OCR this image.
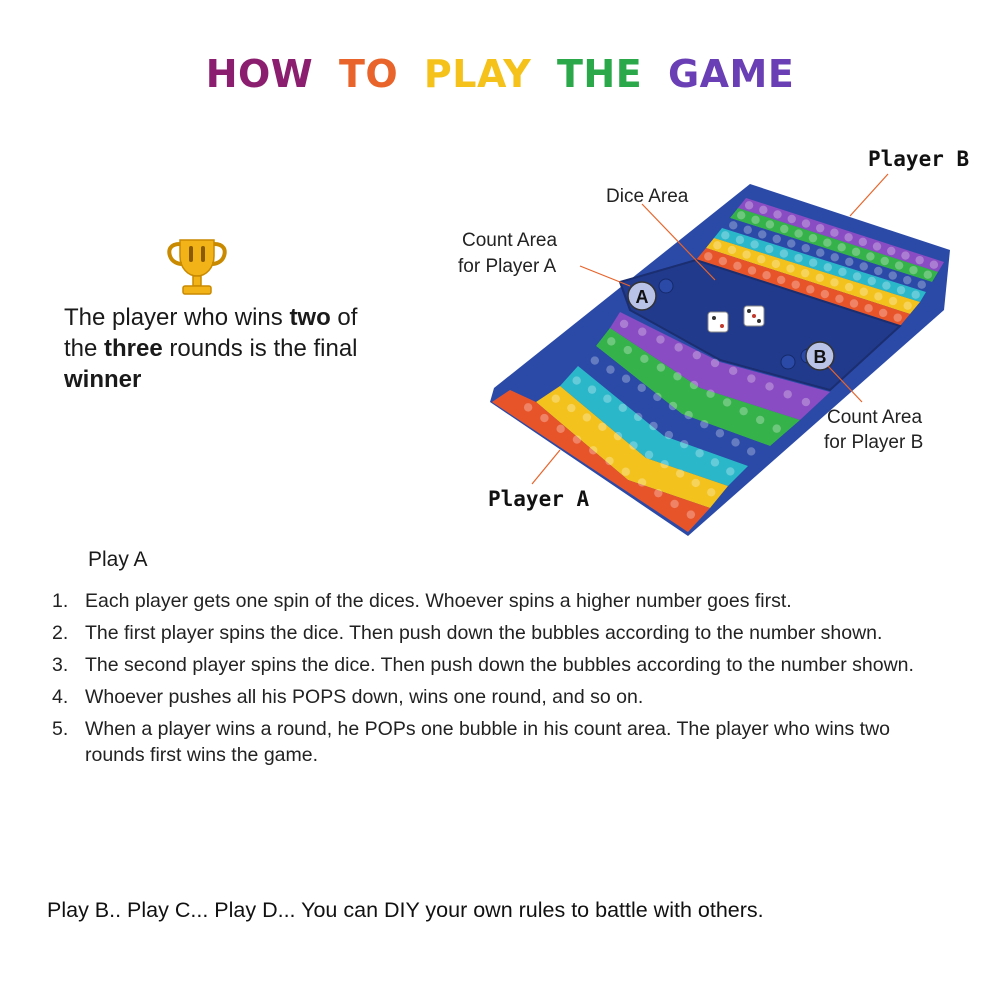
HOW TO PLAY THE GAME
The player who wins two of the three rounds is the final winner
A
B
Player B
Dice Area
Count Area
for Player A
Count Area
for Player B
Player A
Play A
1. Each player gets one spin of the dices. Whoever spins a higher number goes first.
2. The first player spins the dice. Then push down the bubbles according to the number shown.
3. The second player spins the dice. Then push down the bubbles according to the number shown.
4. Whoever pushes all his POPS down, wins one round, and so on.
5. When a player wins a round, he POPs one bubble in his count area. The player who wins two rounds first wins the game.
Play B.. Play C... Play D... You can DIY your own rules to battle with others.
